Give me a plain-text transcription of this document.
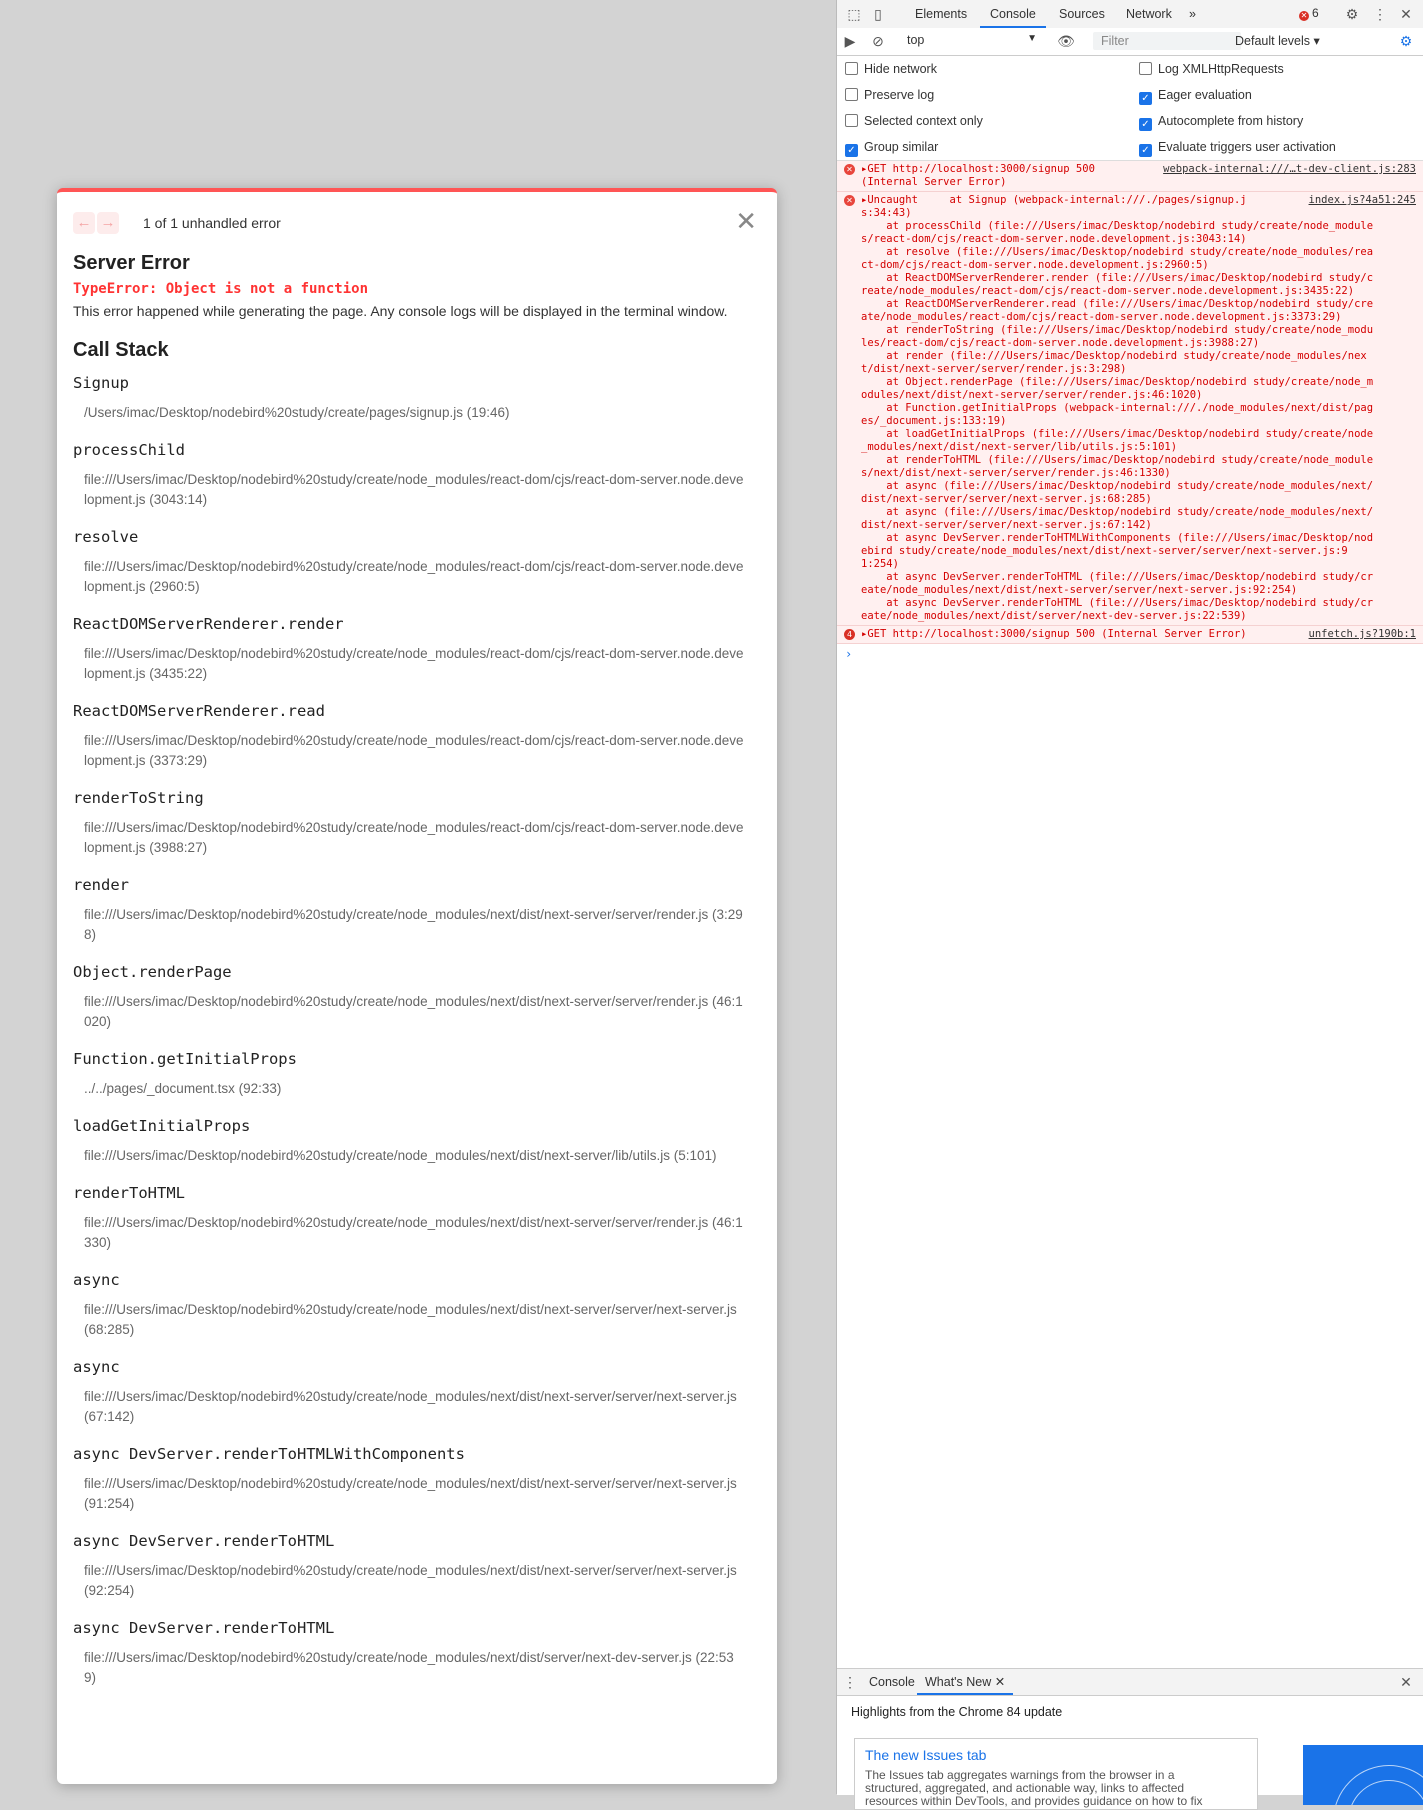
← → 1 of 1 unhandled error	✕
Server Error
TypeError: Object is not a function
This error happened while generating the page. Any console logs will be displayed in the terminal window.
Call Stack
Signup
/Users/imac/Desktop/nodebird%20study/create/pages/signup.js (19:46)
processChild
file:///Users/imac/Desktop/nodebird%20study/create/node_modules/react-dom/cjs/react-dom-server.node.development.js (3043:14)
resolve
file:///Users/imac/Desktop/nodebird%20study/create/node_modules/react-dom/cjs/react-dom-server.node.development.js (2960:5)
ReactDOMServerRenderer.render
file:///Users/imac/Desktop/nodebird%20study/create/node_modules/react-dom/cjs/react-dom-server.node.development.js (3435:22)
ReactDOMServerRenderer.read
file:///Users/imac/Desktop/nodebird%20study/create/node_modules/react-dom/cjs/react-dom-server.node.development.js (3373:29)
renderToString
file:///Users/imac/Desktop/nodebird%20study/create/node_modules/react-dom/cjs/react-dom-server.node.development.js (3988:27)
render
file:///Users/imac/Desktop/nodebird%20study/create/node_modules/next/dist/next-server/server/render.js (3:298)
Object.renderPage
file:///Users/imac/Desktop/nodebird%20study/create/node_modules/next/dist/next-server/server/render.js (46:1020)
Function.getInitialProps
../../pages/_document.tsx (92:33)
loadGetInitialProps
file:///Users/imac/Desktop/nodebird%20study/create/node_modules/next/dist/next-server/lib/utils.js (5:101)
renderToHTML
file:///Users/imac/Desktop/nodebird%20study/create/node_modules/next/dist/next-server/server/render.js (46:1330)
async
file:///Users/imac/Desktop/nodebird%20study/create/node_modules/next/dist/next-server/server/next-server.js (68:285)
async
file:///Users/imac/Desktop/nodebird%20study/create/node_modules/next/dist/next-server/server/next-server.js (67:142)
async DevServer.renderToHTMLWithComponents
file:///Users/imac/Desktop/nodebird%20study/create/node_modules/next/dist/next-server/server/next-server.js (91:254)
async DevServer.renderToHTML
file:///Users/imac/Desktop/nodebird%20study/create/node_modules/next/dist/next-server/server/next-server.js (92:254)
async DevServer.renderToHTML
file:///Users/imac/Desktop/nodebird%20study/create/node_modules/next/dist/server/next-dev-server.js (22:539)
⬚ ▯	Elements	Console	Sources	Network	»	✕ 6 ⚙ ⋮ ✕
▶ ⊘ top	▼ 👁	Filter	Default levels ▾	⚙
Hide network
Preserve log
Selected context only
✓ Group similar
Log XMLHttpRequests
✓ Eager evaluation
✓ Autocomplete from history
✓ Evaluate triggers user activation
✕ ▸GET http://localhost:3000/signup 500
(Internal Server Error)
webpack-internal:///…t-dev-client.js:283
✕ ▸Uncaught     at Signup (webpack-internal:///./pages/signup.j
s:34:43)
at processChild (file:///Users/imac/Desktop/nodebird study/create/node_module
s/react-dom/cjs/react-dom-server.node.development.js:3043:14)
at resolve (file:///Users/imac/Desktop/nodebird study/create/node_modules/rea
ct-dom/cjs/react-dom-server.node.development.js:2960:5)
at ReactDOMServerRenderer.render (file:///Users/imac/Desktop/nodebird study/c
reate/node_modules/react-dom/cjs/react-dom-server.node.development.js:3435:22)
at ReactDOMServerRenderer.read (file:///Users/imac/Desktop/nodebird study/cre
ate/node_modules/react-dom/cjs/react-dom-server.node.development.js:3373:29)
at renderToString (file:///Users/imac/Desktop/nodebird study/create/node_modu
les/react-dom/cjs/react-dom-server.node.development.js:3988:27)
at render (file:///Users/imac/Desktop/nodebird study/create/node_modules/nex
t/dist/next-server/server/render.js:3:298)
at Object.renderPage (file:///Users/imac/Desktop/nodebird study/create/node_m
odules/next/dist/next-server/server/render.js:46:1020)
at Function.getInitialProps (webpack-internal:///./node_modules/next/dist/pag
es/_document.js:133:19)
at loadGetInitialProps (file:///Users/imac/Desktop/nodebird study/create/node
_modules/next/dist/next-server/lib/utils.js:5:101)
at renderToHTML (file:///Users/imac/Desktop/nodebird study/create/node_module
s/next/dist/next-server/server/render.js:46:1330)
at async (file:///Users/imac/Desktop/nodebird study/create/node_modules/next/
dist/next-server/server/next-server.js:68:285)
at async (file:///Users/imac/Desktop/nodebird study/create/node_modules/next/
dist/next-server/server/next-server.js:67:142)
at async DevServer.renderToHTMLWithComponents (file:///Users/imac/Desktop/nod
ebird study/create/node_modules/next/dist/next-server/server/next-server.js:9
1:254)
at async DevServer.renderToHTML (file:///Users/imac/Desktop/nodebird study/cr
eate/node_modules/next/dist/next-server/server/next-server.js:92:254)
at async DevServer.renderToHTML (file:///Users/imac/Desktop/nodebird study/cr
eate/node_modules/next/dist/server/next-dev-server.js:22:539)
index.js?4a51:245
4 ▸GET http://localhost:3000/signup 500 (Internal Server Error)	unfetch.js?190b:1
›
⋮ Console What's New ✕	✕
Highlights from the Chrome 84 update
The new Issues tab
The Issues tab aggregates warnings from the browser in a structured, aggregated, and actionable way, links to affected resources within DevTools, and provides guidance on how to fix
